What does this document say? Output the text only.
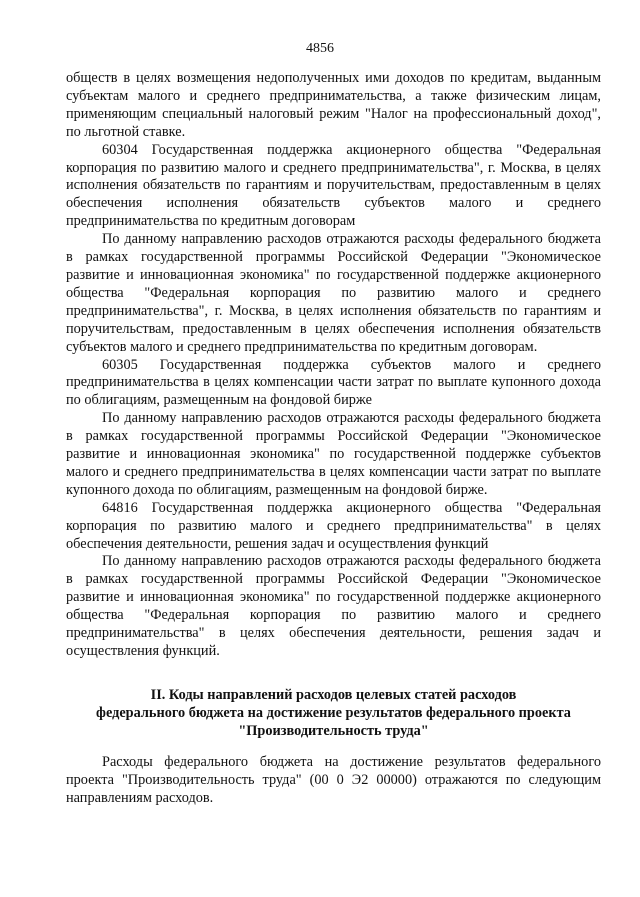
4856

обществ в целях возмещения недополученных ими доходов по кредитам, выданным субъектам малого и среднего предпринимательства, а также физическим лицам, применяющим специальный налоговый режим "Налог на профессиональный доход", по льготной ставке.

60304 Государственная поддержка акционерного общества "Федеральная корпорация по развитию малого и среднего предпринимательства", г. Москва, в целях исполнения обязательств по гарантиям и поручительствам, предоставленным в целях обеспечения исполнения обязательств субъектов малого и среднего предпринимательства по кредитным договорам

По данному направлению расходов отражаются расходы федерального бюджета в рамках государственной программы Российской Федерации "Экономическое развитие и инновационная экономика" по государственной поддержке акционерного общества "Федеральная корпорация по развитию малого и среднего предпринимательства", г. Москва, в целях исполнения обязательств по гарантиям и поручительствам, предоставленным в целях обеспечения исполнения обязательств субъектов малого и среднего предпринимательства по кредитным договорам.

60305 Государственная поддержка субъектов малого и среднего предпринимательства в целях компенсации части затрат по выплате купонного дохода по облигациям, размещенным на фондовой бирже

По данному направлению расходов отражаются расходы федерального бюджета в рамках государственной программы Российской Федерации "Экономическое развитие и инновационная экономика" по государственной поддержке субъектов малого и среднего предпринимательства в целях компенсации части затрат по выплате купонного дохода по облигациям, размещенным на фондовой бирже.

64816 Государственная поддержка акционерного общества "Федеральная корпорация по развитию малого и среднего предпринимательства" в целях обеспечения деятельности, решения задач и осуществления функций

По данному направлению расходов отражаются расходы федерального бюджета в рамках государственной программы Российской Федерации "Экономическое развитие и инновационная экономика" по государственной поддержке акционерного общества "Федеральная корпорация по развитию малого и среднего предпринимательства" в целях обеспечения деятельности, решения задач и осуществления функций.

II. Коды направлений расходов целевых статей расходов
федерального бюджета на достижение результатов федерального проекта
"Производительность труда"

Расходы федерального бюджета на достижение результатов федерального проекта "Производительность труда" (00 0 Э2 00000) отражаются по следующим направлениям расходов.
